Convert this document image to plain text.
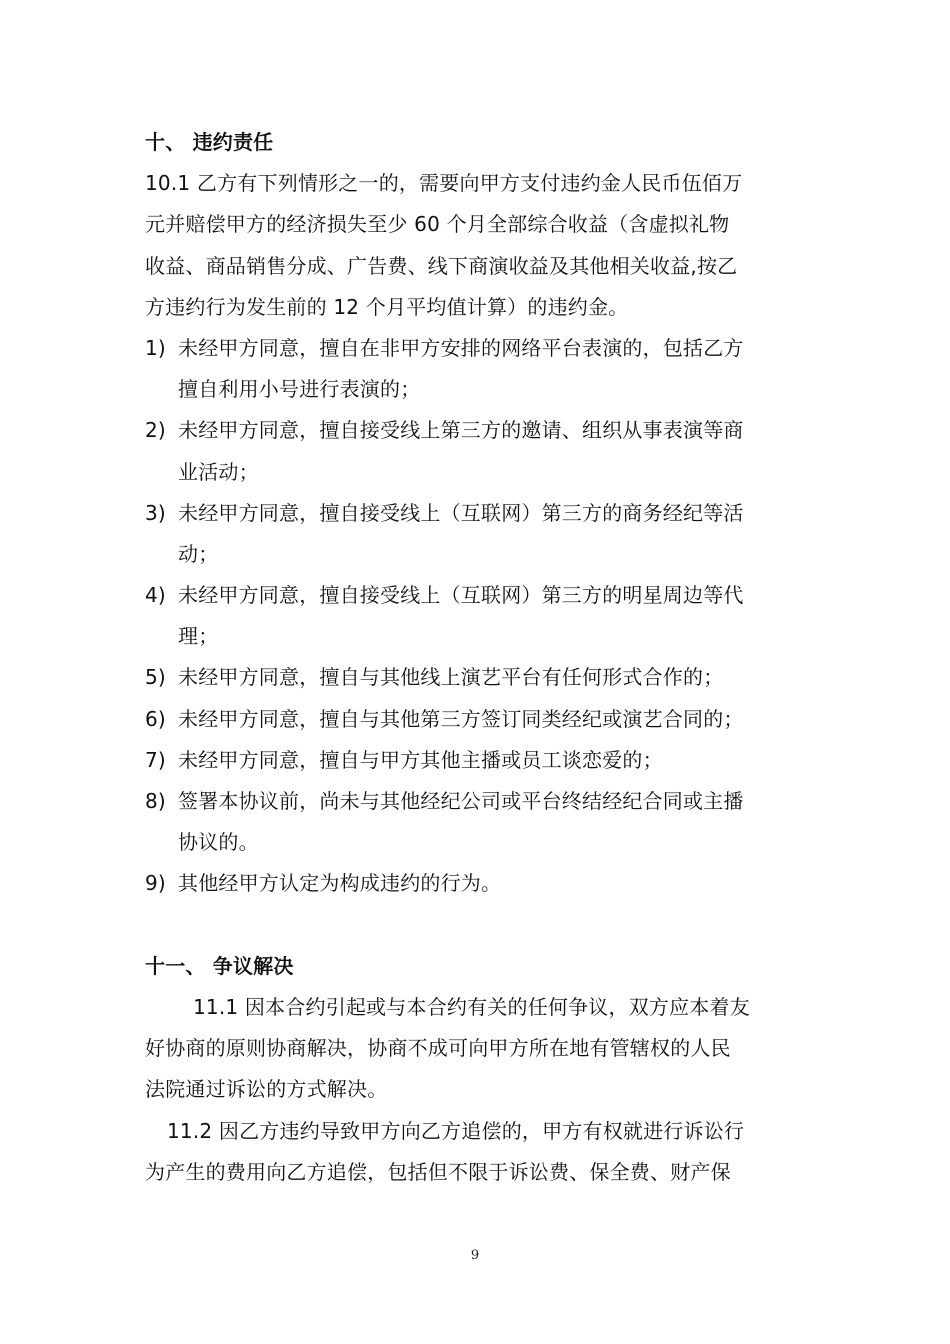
十、 违约责任
10.1 乙方有下列情形之一的，需要向甲方支付违约金人民币伍佰万
元并赔偿甲方的经济损失至少 60 个月全部综合收益（含虚拟礼物
收益、商品销售分成、广告费、线下商演收益及其他相关收益,按乙
方违约行为发生前的 12 个月平均值计算）的违约金。
1) 未经甲方同意，擅自在非甲方安排的网络平台表演的，包括乙方
擅自利用小号进行表演的；
2) 未经甲方同意，擅自接受线上第三方的邀请、组织从事表演等商
业活动；
3) 未经甲方同意，擅自接受线上（互联网）第三方的商务经纪等活
动；
4) 未经甲方同意，擅自接受线上（互联网）第三方的明星周边等代
理；
5) 未经甲方同意，擅自与其他线上演艺平台有任何形式合作的；
6) 未经甲方同意，擅自与其他第三方签订同类经纪或演艺合同的；
7) 未经甲方同意，擅自与甲方其他主播或员工谈恋爱的；
8) 签署本协议前，尚未与其他经纪公司或平台终结经纪合同或主播
协议的。
9) 其他经甲方认定为构成违约的行为。
十一、 争议解决
11.1 因本合约引起或与本合约有关的任何争议，双方应本着友
好协商的原则协商解决，协商不成可向甲方所在地有管辖权的人民
法院通过诉讼的方式解决。
11.2 因乙方违约导致甲方向乙方追偿的，甲方有权就进行诉讼行
为产生的费用向乙方追偿，包括但不限于诉讼费、保全费、财产保
9
